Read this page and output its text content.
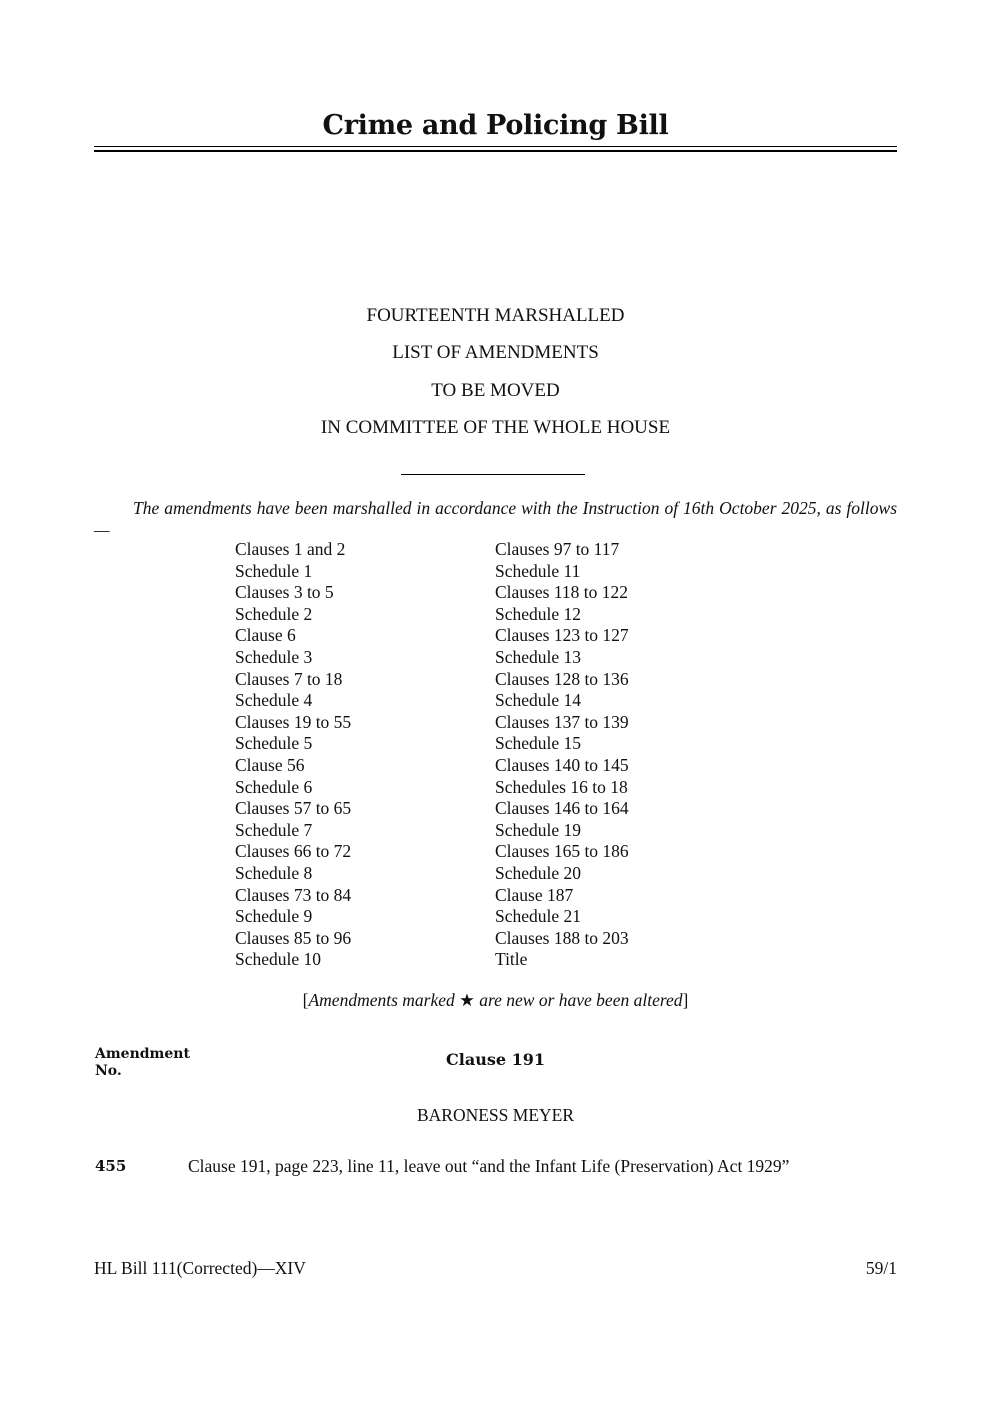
Crime and Policing Bill
FOURTEENTH MARSHALLED
LIST OF AMENDMENTS
TO BE MOVED
IN COMMITTEE OF THE WHOLE HOUSE
The amendments have been marshalled in accordance with the Instruction of 16th October 2025, as follows—
Clauses 1 and 2
Schedule 1
Clauses 3 to 5
Schedule 2
Clause 6
Schedule 3
Clauses 7 to 18
Schedule 4
Clauses 19 to 55
Schedule 5
Clause 56
Schedule 6
Clauses 57 to 65
Schedule 7
Clauses 66 to 72
Schedule 8
Clauses 73 to 84
Schedule 9
Clauses 85 to 96
Schedule 10
Clauses 97 to 117
Schedule 11
Clauses 118 to 122
Schedule 12
Clauses 123 to 127
Schedule 13
Clauses 128 to 136
Schedule 14
Clauses 137 to 139
Schedule 15
Clauses 140 to 145
Schedules 16 to 18
Clauses 146 to 164
Schedule 19
Clauses 165 to 186
Schedule 20
Clause 187
Schedule 21
Clauses 188 to 203
Title
[Amendments marked ★ are new or have been altered]
Amendment No.
Clause 191
BARONESS MEYER
455	Clause 191, page 223, line 11, leave out “and the Infant Life (Preservation) Act 1929”
HL Bill 111(Corrected)—XIV	59/1
